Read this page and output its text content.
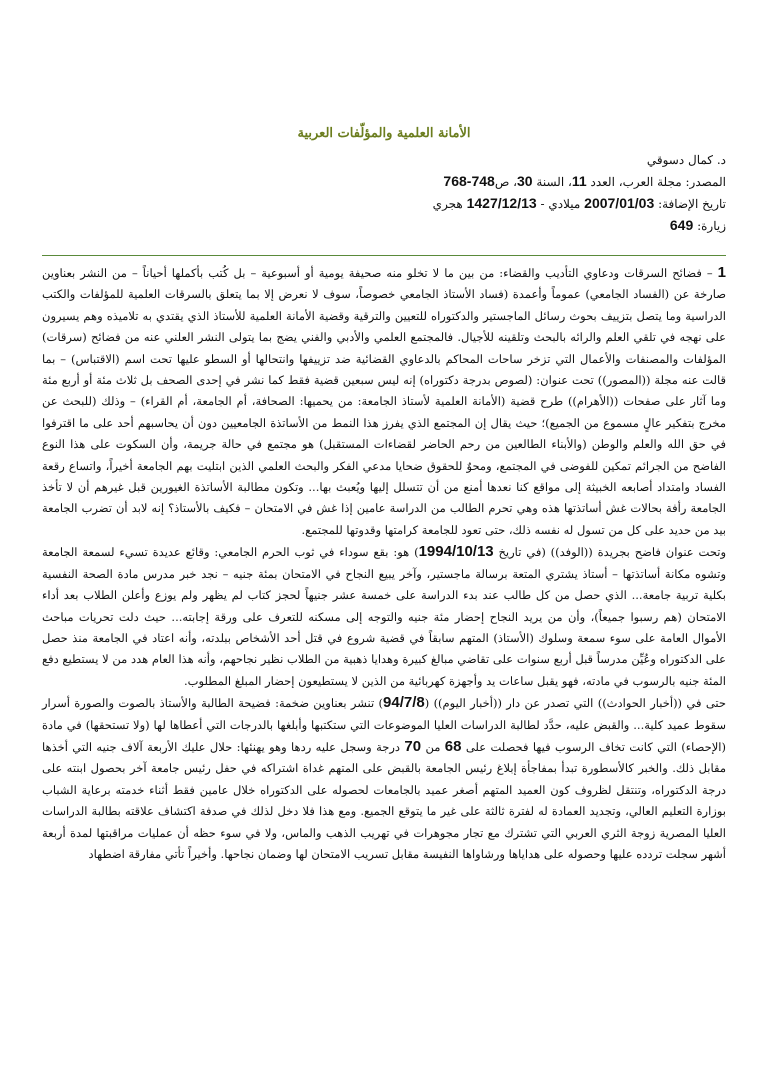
الأمانة العلمية والمؤلّفات العربية
د. كمال دسوقي
المصدر: مجلة العرب، العدد 11، السنة 30، ص748-768
تاريخ الإضافة: 2007/01/03 ميلادي - 1427/12/13 هجري
زيارة: 649

1 – فضائح السرقات ودعاوي التأديب والقضاء: من بين ما لا تخلو منه صحيفة يومية أو أسبوعية – بل كُتب بأكملها أحياناً – من النشر بعناوين صارخة عن (الفساد الجامعي) عموماً وأعمدة (فساد الأستاذ الجامعي خصوصاً، سوف لا نعرض إلا بما يتعلق بالسرقات العلمية للمؤلفات والكتب الدراسية وما يتصل بتزييف بحوث رسائل الماجستير والدكتوراه للتعيين والترقية وقضية الأمانة العلمية للأستاذ الذي يقتدي به تلاميذه وهم يسيرون على نهجه في تلقي العلم والرائه بالبحث وتلقينه للأجيال. فالمجتمع العلمي والأدبي والفني يضج بما يتولى النشر العلني عنه من فضائح (سرقات) المؤلفات والمصنفات والأعمال التي تزخر ساحات المحاكم بالدعاوي القضائية ضد تزييفها وانتحالها أو السطو عليها تحت اسم (الاقتباس) – بما قالت عنه مجلة ((المصور)) تحت عنوان: (لصوص بدرجة دكتوراه) إنه ليس سبعين قضية فقط كما نشر في إحدى الصحف بل ثلاث مئة أو أربع مئة وما آثار على صفحات ((الأهرام)) طرح قضية (الأمانة العلمية لأستاذ الجامعة: من يحميها: الصحافة، أم الجامعة، أم القراء) – وذلك (للبحث عن مخرج بتفكير عالٍ مسموع من الجميع)؛ حيث يقال إن المجتمع الذي يفرز هذا النمط من الأساتذة الجامعيين دون أن يحاسبهم أحد على ما اقترفوا في حق الله والعلم والوطن (والأبناء الطالعين من رحم الحاضر لقضاءات المستقبل) هو مجتمع في حالة جريمة، وأن السكوت على هذا النوع الفاضح من الجرائم تمكين للفوضى في المجتمع، ومحوٌ للحقوق ضحايا مدعي الفكر والبحث العلمي الذين ابتليت بهم الجامعة أخيراً، واتساع رقعة الفساد وامتداد أصابعه الخبيثة إلى مواقع كنا نعدها أمنع من أن تتسلل إليها ويُعبث بها... وتكون مطالبة الأساتذة الغيورين قبل غيرهم أن لا تأخذ الجامعة رأفة بحالات غش أساتذتها هذه وهي تحرم الطالب من الدراسة عامين إذا غش في الامتحان – فكيف بالأستاذ؟ إنه لابد أن تضرب الجامعة بيد من حديد على كل من تسول له نفسه ذلك، حتى تعود للجامعة كرامتها وقدوتها للمجتمع.

وتحت عنوان فاضح بجريدة ((الوفد)) (في تاريخ 1994/10/13) هو: بقع سوداء في ثوب الحرم الجامعي: وقائع عديدة تسيء لسمعة الجامعة وتشوه مكانة أساتذتها – أستاذ يشتري المتعة برسالة ماجستير، وآخر يبيع النجاح في الامتحان بمئة جنيه – نجد خبر مدرس مادة الصحة النفسية بكلية تربية جامعة... الذي حصل من كل طالب عند بدء الدراسة على خمسة عشر جنيهاً لحجز كتاب لم يظهر ولم يوزع وأعلن الطلاب بعد أداء الامتحان (هم رسبوا جميعاً)، وأن من يريد النجاح إحضار مئة جنيه والتوجه إلى مسكنه للتعرف على ورقة إجابته... حيث دلت تحريات مباحث الأموال العامة على سوء سمعة وسلوك (الأستاذ) المتهم سابقاً في قضية شروع في قتل أحد الأشخاص ببلدته، وأنه اعتاد في الجامعة منذ حصل على الدكتوراه وعُيِّن مدرساً قبل أربع سنوات على تقاضي مبالغ كبيرة وهدايا ذهبية من الطلاب نظير نجاحهم، وأنه هذا العام هدد من لا يستطيع دفع المئة جنيه بالرسوب في مادته، فهو يقبل ساعات يد وأجهزة كهربائية من الذين لا يستطيعون إحضار المبلغ المطلوب.

حتى في ((أخبار الحوادث)) التي تصدر عن دار ((أخبار اليوم)) (94/7/8) تنشر بعناوين ضخمة: فضيحة الطالبة والأستاذ بالصوت والصورة أسرار سقوط عميد كلية... والقبض عليه، حدَّد لطالبة الدراسات العليا الموضوعات التي ستكتبها وأبلغها بالدرجات التي أعطاها لها (ولا تستحقها) في مادة (الإحصاء) التي كانت تخاف الرسوب فيها فحصلت على 68 من 70 درجة وسجل عليه ردها وهو يهنئها: حلال عليك الأربعة آلاف جنيه التي أخذها مقابل ذلك. والخبر كالأسطورة تبدأ بمفاجأة إبلاغ رئيس الجامعة بالقبض على المتهم غداة اشتراكه في حفل رئيس جامعة آخر بحصول ابنته على درجة الدكتوراه، وتنتقل لظروف كون العميد المتهم أصغر عميد بالجامعات لحصوله على الدكتوراه خلال عامين فقط أثناء خدمته برعاية الشباب بوزارة التعليم العالي، وتجديد العمادة له لفترة ثالثة على غير ما يتوقع الجميع. ومع هذا فلا دخل لذلك في صدفة اكتشاف علاقته بطالبة الدراسات العليا المصرية زوجة الثري العربي التي تشترك مع تجار مجوهرات في تهريب الذهب والماس، ولا في سوء حظه أن عمليات مراقبتها لمدة أربعة أشهر سجلت تردده عليها وحصوله على هداياها ورشاواها النفيسة مقابل تسريب الامتحان لها وضمان نجاحها. وأخيراً تأتي مفارقة اضطهاد
